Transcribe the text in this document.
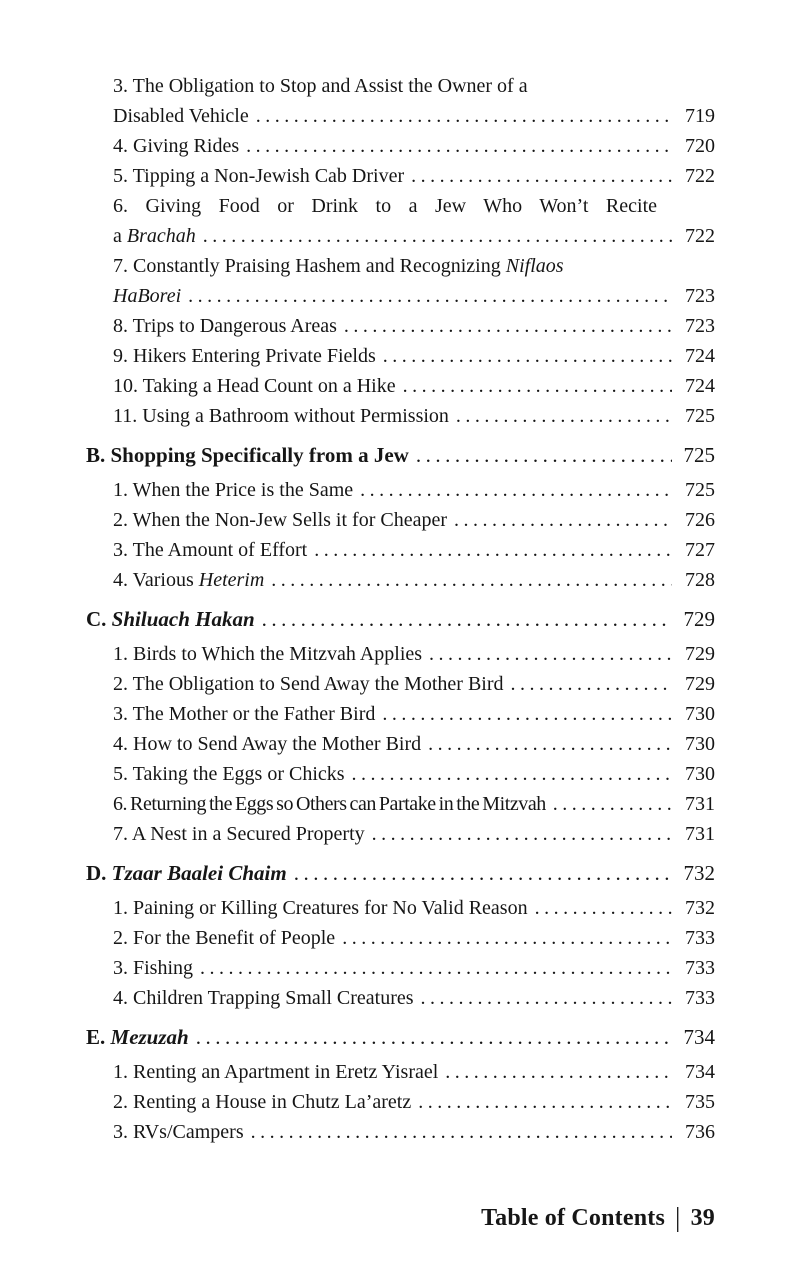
3. The Obligation to Stop and Assist the Owner of a
Disabled Vehicle .....	719
4. Giving Rides .....	720
5. Tipping a Non-Jewish Cab Driver .....	722
6. Giving Food or Drink to a Jew Who Won’t Recite
a Brachah .....	722
7. Constantly Praising Hashem and Recognizing Niflaos
HaBorei .....	723
8. Trips to Dangerous Areas .....	723
9. Hikers Entering Private Fields .....	724
10. Taking a Head Count on a Hike .....	724
11. Using a Bathroom without Permission .....	725
B. Shopping Specifically from a Jew .....	725
1. When the Price is the Same .....	725
2. When the Non-Jew Sells it for Cheaper .....	726
3. The Amount of Effort .....	727
4. Various Heterim .....	728
C. Shiluach Hakan .....	729
1. Birds to Which the Mitzvah Applies .....	729
2. The Obligation to Send Away the Mother Bird .....	729
3. The Mother or the Father Bird .....	730
4. How to Send Away the Mother Bird .....	730
5. Taking the Eggs or Chicks .....	730
6. Returning the Eggs so Others can Partake in the Mitzvah .....	731
7. A Nest in a Secured Property .....	731
D. Tzaar Baalei Chaim .....	732
1. Paining or Killing Creatures for No Valid Reason .....	732
2. For the Benefit of People .....	733
3. Fishing .....	733
4. Children Trapping Small Creatures .....	733
E. Mezuzah .....	734
1. Renting an Apartment in Eretz Yisrael .....	734
2. Renting a House in Chutz La’aretz .....	735
3. RVs/Campers .....	736
Table of Contents | 39
